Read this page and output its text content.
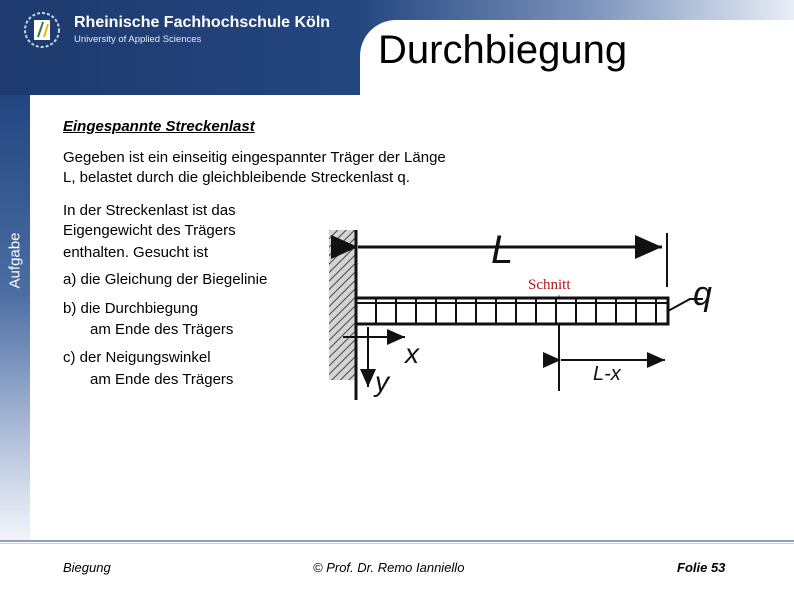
Rheinische Fachhochschule Köln
University of Applied Sciences	Durchbiegung
Aufgabe
Eingespannte Streckenlast
Gegeben ist ein einseitig eingespannter Träger der Länge
L, belastet durch die gleichbleibende Streckenlast q.
In der Streckenlast ist das
Eigengewicht des Trägers
enthalten. Gesucht ist
a) die Gleichung der Biegelinie
b) die Durchbiegung
am Ende des Trägers
c) der Neigungswinkel
am Ende des Trägers
L
Schnitt	q
x
y	L-x
Biegung	© Prof. Dr. Remo Ianniello	Folie 53
